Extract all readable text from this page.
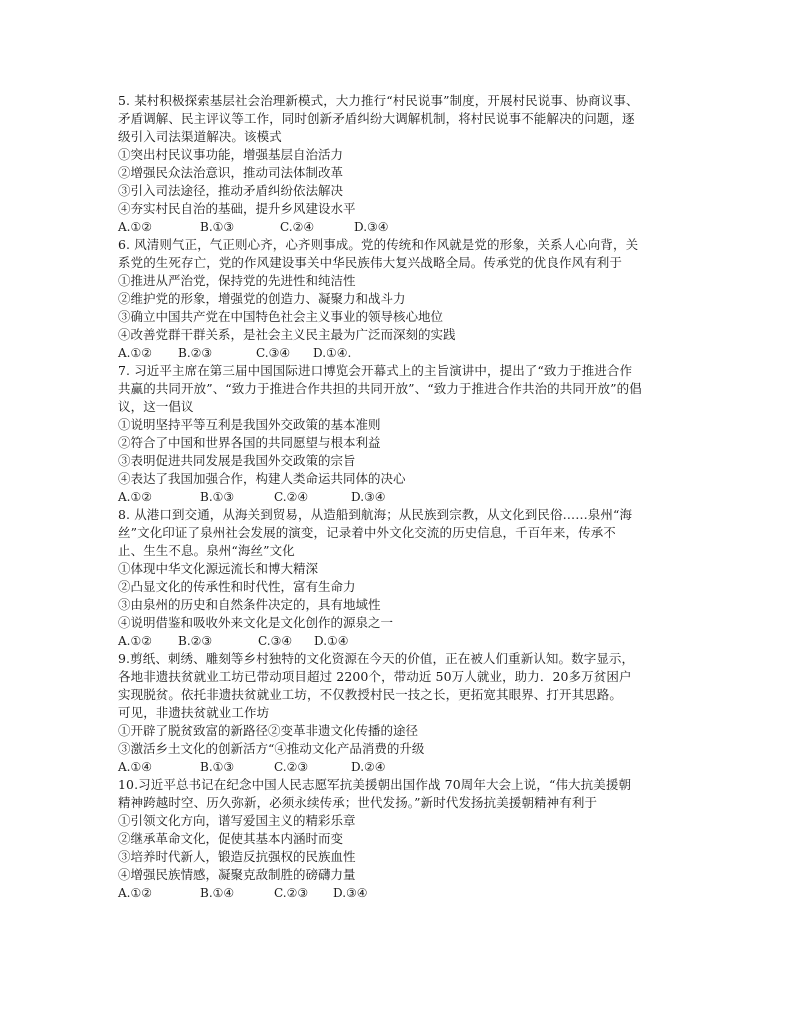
5. 某村积极探索基层社会治理新模式，大力推行“村民说事”制度，开展村民说事、协商议事、
矛盾调解、民主评议等工作，同时创新矛盾纠纷大调解机制，将村民说事不能解决的问题，逐
级引入司法渠道解决。该模式
①突出村民议事功能，增强基层自治活力
②增强民众法治意识，推动司法体制改革
③引入司法途径，推动矛盾纠纷依法解决
④夯实村民自治的基础，提升乡风建设水平
A.①②	B.①③	C.②④	D.③④
6. 风清则气正，气正则心齐，心齐则事成。党的传统和作风就是党的形象，关系人心向背，关
系党的生死存亡，党的作风建设事关中华民族伟大复兴战略全局。传承党的优良作风有利于
①推进从严治党，保持党的先进性和纯洁性
②维护党的形象，增强党的创造力、凝聚力和战斗力
③确立中国共产党在中国特色社会主义事业的领导核心地位
④改善党群干群关系，是社会主义民主最为广泛而深刻的实践
A.①② B.②③	C.③④ D.①④.
7. 习近平主席在第三届中国国际进口博览会开幕式上的主旨演讲中，提出了“致力于推进合作
共赢的共同开放”、“致力于推进合作共担的共同开放”、“致力于推进合作共治的共同开放”的倡
议，这一倡议
①说明坚持平等互利是我国外交政策的基本准则
②符合了中国和世界各国的共同愿望与根本利益
③表明促进共同发展是我国外交政策的宗旨
④表达了我国加强合作，构建人类命运共同体的决心
A.①②	B.①③	C.②④	D.③④
8. 从港口到交通，从海关到贸易，从造船到航海；从民族到宗教，从文化到民俗……泉州“海
丝”文化印证了泉州社会发展的演变，记录着中外文化交流的历史信息，千百年来，传承不
止、生生不息。泉州“海丝”文化
①体现中华文化源远流长和博大精深
②凸显文化的传承性和时代性，富有生命力
③由泉州的历史和自然条件决定的，具有地域性
④说明借鉴和吸收外来文化是文化创作的源泉之一
A.①② B.②③	C.③④ D.①④
9.剪纸、刺绣、雕刻等乡村独特的文化资源在今天的价值，正在被人们重新认知。数字显示，
各地非遗扶贫就业工坊已带动项目超过 2200个，带动近 50万人就业，助力．20多万贫困户
实现脱贫。依托非遗扶贫就业工坊，不仅教授村民一技之长，更拓宽其眼界、打开其思路。
可见，非遗扶贫就业工作坊
①开辟了脱贫致富的新路径②变革非遗文化传播的途径
③激活乡土文化的创新活方“④推动文化产品消费的升级
A.①④	B.①③	C.②③	D.②④
10.习近平总书记在纪念中国人民志愿军抗美援朝出国作战 70周年大会上说，“伟大抗美援朝
精神跨越时空、历久弥新，必须永续传承；世代发扬。”新时代发扬抗美援朝精神有利于
①引领文化方向，谱写爱国主义的精彩乐章
②继承革命文化，促使其基本内涵时而变
③培养时代新人，锻造反抗强权的民族血性
④增强民族情感，凝聚克敌制胜的磅礴力量
A.①②	B.①④	C.②③ D.③④
